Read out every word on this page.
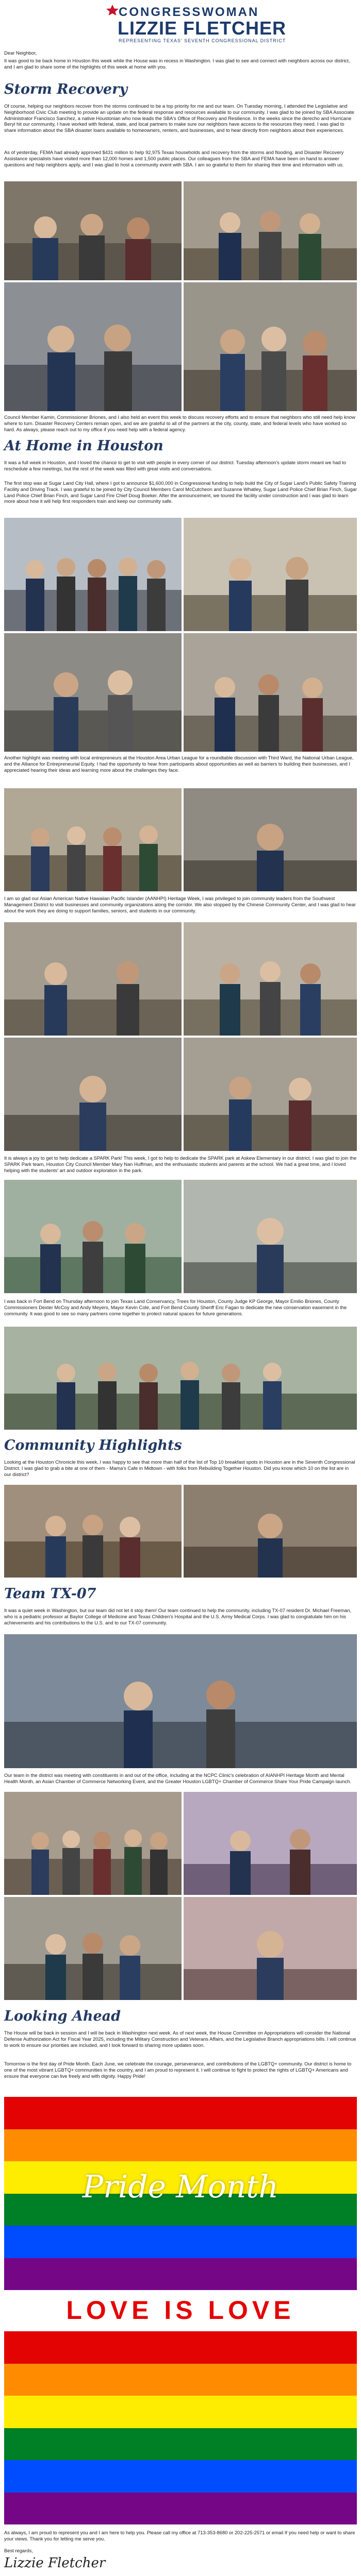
CONGRESSWOMAN
LIZZIE FLETCHER
REPRESENTING TEXAS' SEVENTH CONGRESSIONAL DISTRICT
Dear Neighbor,
It was good to be back home in Houston this week while the House was in recess in Washington. I was glad to see and connect with neighbors across our district, and I am glad to share some of the highlights of this week at home with you.
Storm Recovery
Of course, helping our neighbors recover from the storms continued to be a top priority for me and our team. On Tuesday morning, I attended the Legislative and Neighborhood Civic Club meeting to provide an update on the federal response and resources available to our community. I was glad to be joined by SBA Associate Administrator Francisco Sanchez, a native Houstonian who now leads the SBA's Office of Recovery and Resilience. In the weeks since the derecho and Hurricane Beryl hit our community, I have worked with federal, state, and local partners to make sure our neighbors have access to the resources they need. I was glad to share information about the SBA disaster loans available to homeowners, renters, and businesses, and to hear directly from neighbors about their experiences.
As of yesterday, FEMA had already approved $431 million to help 92,975 Texas households and recovery from the storms and flooding, and Disaster Recovery Assistance specialists have visited more than 12,000 homes and 1,500 public places. Our colleagues from the SBA and FEMA have been on hand to answer questions and help neighbors apply, and I was glad to host a community event with SBA. I am so grateful to them for sharing their time and information with us.
Council Member Kamin, Commissioner Briones, and I also held an event this week to discuss recovery efforts and to ensure that neighbors who still need help know where to turn. Disaster Recovery Centers remain open, and we are grateful to all of the partners at the city, county, state, and federal levels who have worked so hard. As always, please reach out to my office if you need help with a federal agency.
At Home in Houston
It was a full week in Houston, and I loved the chance to get to visit with people in every corner of our district. Tuesday afternoon's update storm meant we had to reschedule a few meetings, but the rest of the week was filled with great visits and conversations.
The first stop was at Sugar Land City Hall, where I got to announce $1,600,000 in Congressional funding to help build the City of Sugar Land's Public Safety Training Facility and Driving Track. I was grateful to be joined by City Council Members Carol McCutcheon and Suzanne Whatley, Sugar Land Police Chief Brian Finch, Sugar Land Police Chief Brian Finch, and Sugar Land Fire Chief Doug Boeker. After the announcement, we toured the facility under construction and I was glad to learn more about how it will help first responders train and keep our community safe.
Another highlight was meeting with local entrepreneurs at the Houston Area Urban League for a roundtable discussion with Third Ward, the National Urban League, and the Alliance for Entrepreneurial Equity. I had the opportunity to hear from participants about opportunities as well as barriers to building their businesses, and I appreciated hearing their ideas and learning more about the challenges they face.
I am so glad our Asian American Native Hawaiian Pacific Islander (AANHPI) Heritage Week, I was privileged to join community leaders from the Southwest Management District to visit businesses and community organizations along the corridor. We also stopped by the Chinese Community Center, and I was glad to hear about the work they are doing to support families, seniors, and students in our community.
It is always a joy to get to help dedicate a SPARK Park! This week, I got to help to dedicate the SPARK park at Askew Elementary in our district. I was glad to join the SPARK Park team, Houston City Council Member Mary Nan Huffman, and the enthusiastic students and parents at the school. We had a great time, and I loved helping with the students' art and outdoor exploration in the park.
I was back in Fort Bend on Thursday afternoon to join Texas Land Conservancy, Trees for Houston, County Judge KP George, Mayor Emilio Briones, County Commissioners Dexter McCoy and Andy Meyers, Mayor Kevin Cole, and Fort Bend County Sheriff Eric Fagan to dedicate the new conservation easement in the community. It was good to see so many partners come together to protect natural spaces for future generations.
Community Highlights
Looking at the Houston Chronicle this week, I was happy to see that more than half of the list of Top 10 breakfast spots in Houston are in the Seventh Congressional District. I was glad to grab a bite at one of them - Mama's Cafe in Midtown - with folks from Rebuilding Together Houston. Did you know which 10 on the list are in our district?
Team TX-07
It was a quiet week in Washington, but our team did not let it stop them! Our team continued to help the community, including TX-07 resident Dr. Michael Freeman, who is a pediatric professor at Baylor College of Medicine and Texas Children's Hospital and the U.S. Army Medical Corps. I was glad to congratulate him on his achievements and his contributions to the U.S. and to our TX-07 community.
Our team in the district was meeting with constituents in and out of the office, including at the NCPC Clinic's celebration of AIANHPI Heritage Month and Mental Health Month, an Asian Chamber of Commerce Networking Event, and the Greater Houston LGBTQ+ Chamber of Commerce Share Your Pride Campaign launch.
Looking Ahead
The House will be back in session and I will be back in Washington next week. As of next week, the House Committee on Appropriations will consider the National Defense Authorization Act for Fiscal Year 2025, including the Military Construction and Veterans Affairs, and the Legislative Branch appropriations bills. I will continue to work to ensure our priorities are included, and I look forward to sharing more updates soon.
Tomorrow is the first day of Pride Month. Each June, we celebrate the courage, perseverance, and contributions of the LGBTQ+ community. Our district is home to one of the most vibrant LGBTQ+ communities in the country, and I am proud to represent it. I will continue to fight to protect the rights of LGBTQ+ Americans and ensure that everyone can live freely and with dignity. Happy Pride!
Pride Month
LOVE IS LOVE
As always, I am proud to represent you and I am here to help you. Please call my office at 713-353-8680 or 202-225-2571 or email If you need help or want to share your views. Thank you for letting me serve you.
Best regards,
Lizzie Fletcher
